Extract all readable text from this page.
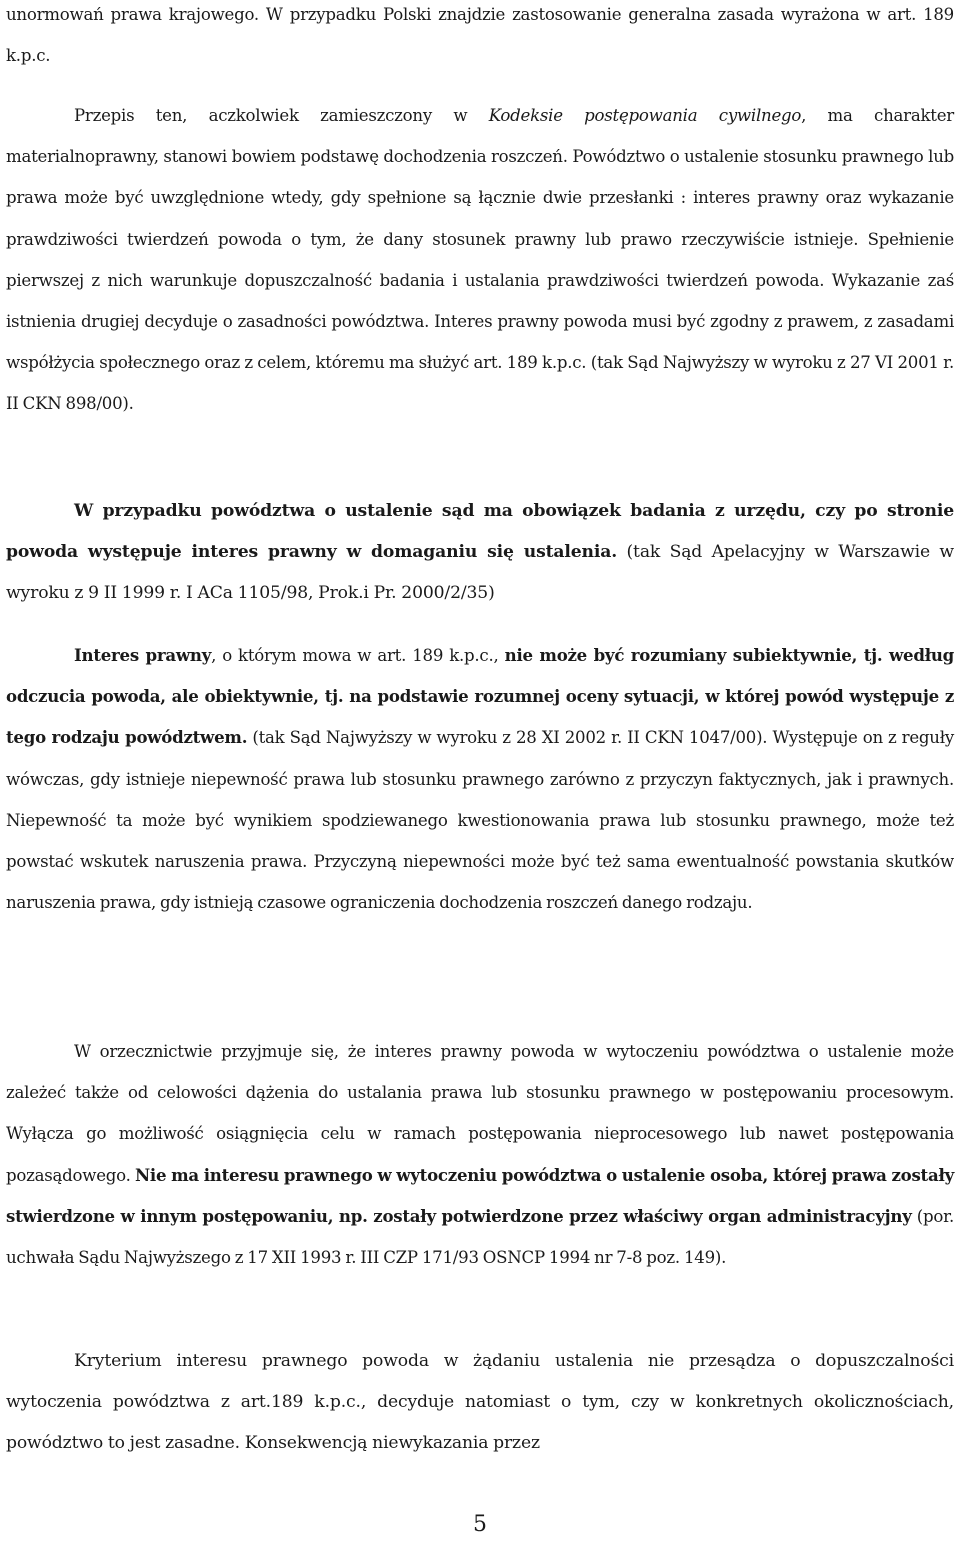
unormowań prawa krajowego. W przypadku Polski znajdzie zastosowanie generalna zasada wyrażona w art. 189 k.p.c.

Przepis ten, aczkolwiek zamieszczony w Kodeksie postępowania cywilnego, ma charakter materialnoprawny, stanowi bowiem podstawę dochodzenia roszczeń. Powództwo o ustalenie stosunku prawnego lub prawa może być uwzględnione wtedy, gdy spełnione są łącznie dwie przesłanki : interes prawny oraz wykazanie prawdziwości twierdzeń powoda o tym, że dany stosunek prawny lub prawo rzeczywiście istnieje. Spełnienie pierwszej z nich warunkuje dopuszczalność badania i ustalania prawdziwości twierdzeń powoda. Wykazanie zaś istnienia drugiej decyduje o zasadności powództwa. Interes prawny powoda musi być zgodny z prawem, z zasadami współżycia społecznego oraz z celem, któremu ma służyć art. 189 k.p.c. (tak Sąd Najwyższy w wyroku z 27 VI 2001 r. II CKN 898/00).

W przypadku powództwa o ustalenie sąd ma obowiązek badania z urzędu, czy po stronie powoda występuje interes prawny w domaganiu się ustalenia. (tak Sąd Apelacyjny w Warszawie w wyroku z 9 II 1999 r. I ACa 1105/98, Prok.i Pr. 2000/2/35)

Interes prawny, o którym mowa w art. 189 k.p.c., nie może być rozumiany subiektywnie, tj. według odczucia powoda, ale obiektywnie, tj. na podstawie rozumnej oceny sytuacji, w której powód występuje z tego rodzaju powództwem. (tak Sąd Najwyższy w wyroku z 28 XI 2002 r. II CKN 1047/00). Występuje on z reguły wówczas, gdy istnieje niepewność prawa lub stosunku prawnego zarówno z przyczyn faktycznych, jak i prawnych. Niepewność ta może być wynikiem spodziewanego kwestionowania prawa lub stosunku prawnego, może też powstać wskutek naruszenia prawa. Przyczyną niepewności może być też sama ewentualność powstania skutków naruszenia prawa, gdy istnieją czasowe ograniczenia dochodzenia roszczeń danego rodzaju.

W orzecznictwie przyjmuje się, że interes prawny powoda w wytoczeniu powództwa o ustalenie może zależeć także od celowości dążenia do ustalania prawa lub stosunku prawnego w postępowaniu procesowym. Wyłącza go możliwość osiągnięcia celu w ramach postępowania nieprocesowego lub nawet postępowania pozasądowego. Nie ma interesu prawnego w wytoczeniu powództwa o ustalenie osoba, której prawa zostały stwierdzone w innym postępowaniu, np. zostały potwierdzone przez właściwy organ administracyjny (por. uchwała Sądu Najwyższego z 17 XII 1993 r. III CZP 171/93 OSNCP 1994 nr 7-8 poz. 149).

Kryterium interesu prawnego powoda w żądaniu ustalenia nie przesądza o dopuszczalności wytoczenia powództwa z art.189 k.p.c., decyduje natomiast o tym, czy w konkretnych okolicznościach, powództwo to jest zasadne. Konsekwencją niewykazania przez

5
